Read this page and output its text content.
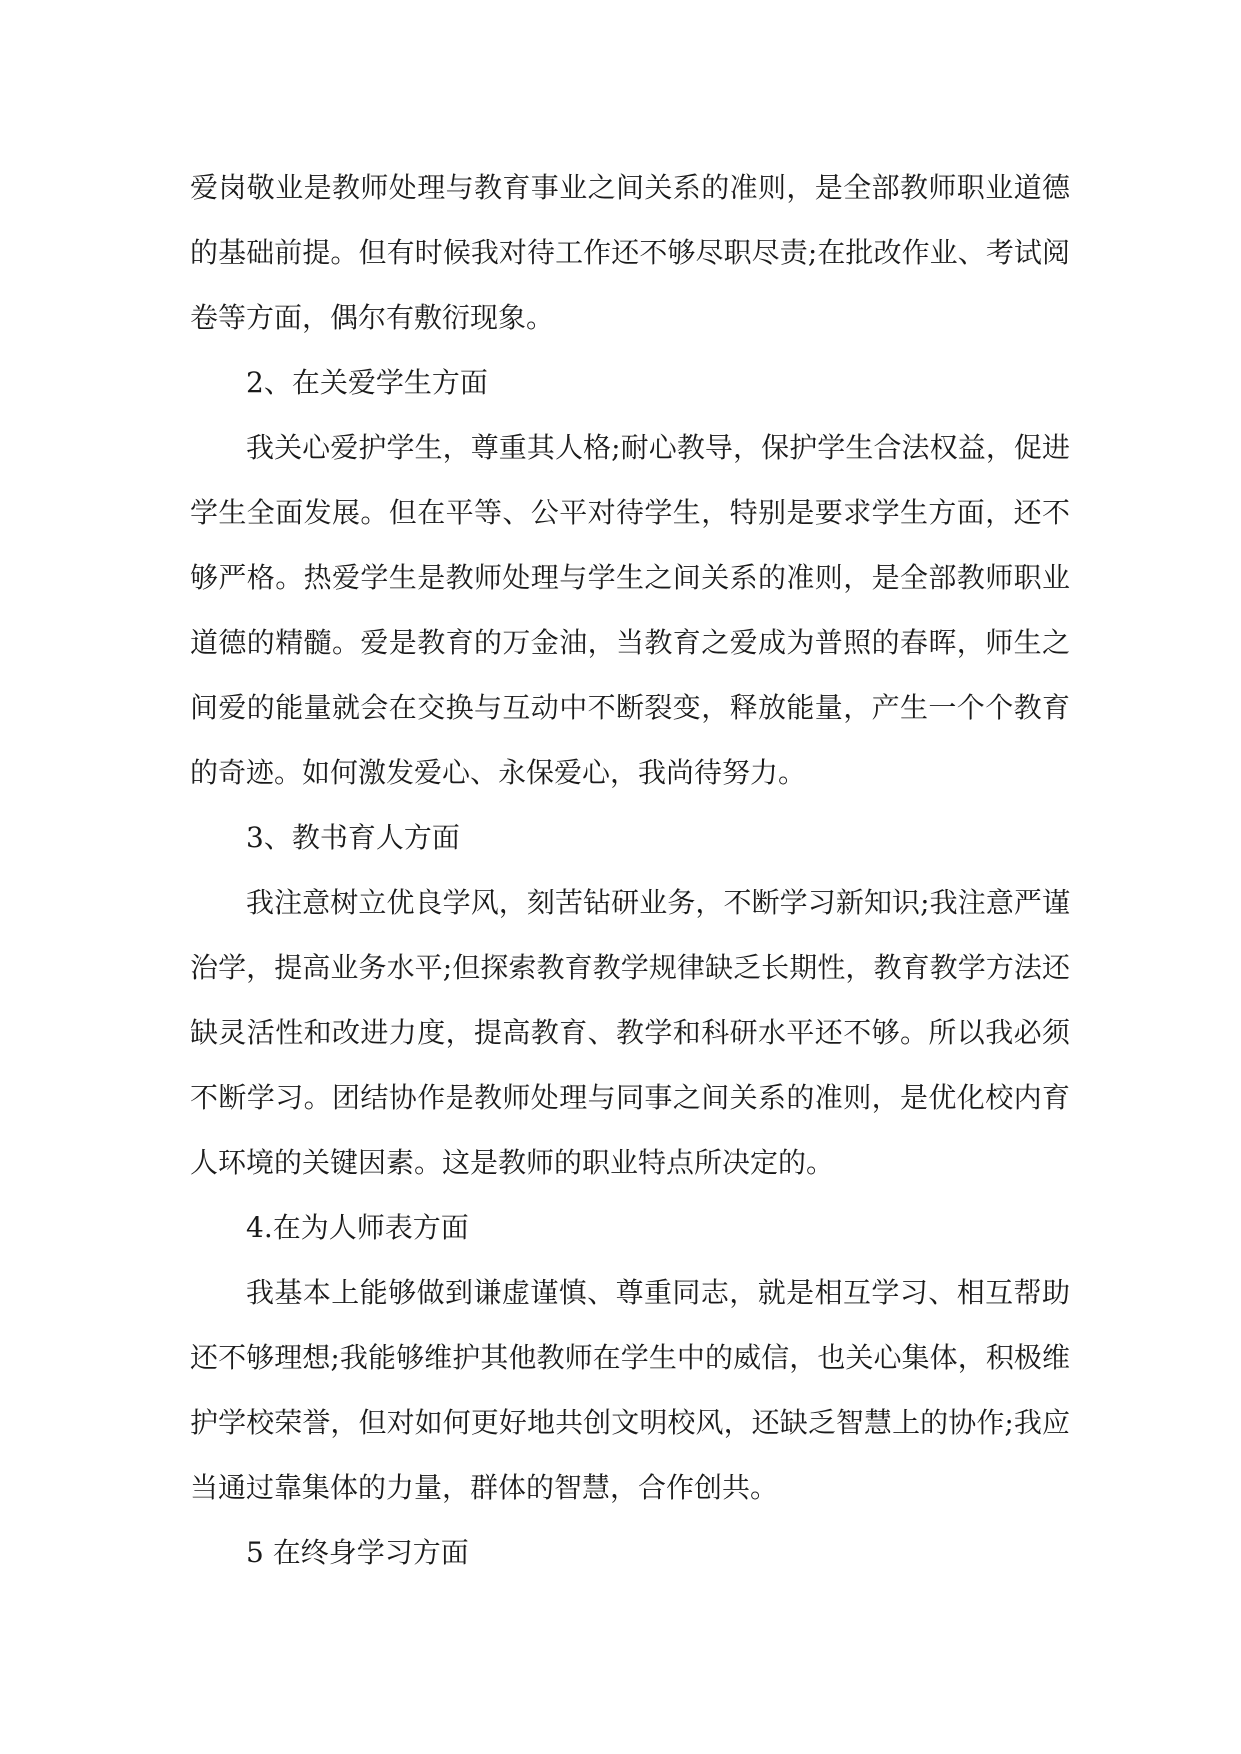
爱岗敬业是教师处理与教育事业之间关系的准则，是全部教师职业道德的基础前提。但有时候我对待工作还不够尽职尽责;在批改作业、考试阅卷等方面，偶尔有敷衍现象。

2、在关爱学生方面

我关心爱护学生，尊重其人格;耐心教导，保护学生合法权益，促进学生全面发展。但在平等、公平对待学生，特别是要求学生方面，还不够严格。热爱学生是教师处理与学生之间关系的准则，是全部教师职业道德的精髓。爱是教育的万金油，当教育之爱成为普照的春晖，师生之间爱的能量就会在交换与互动中不断裂变，释放能量，产生一个个教育的奇迹。如何激发爱心、永保爱心，我尚待努力。

3、教书育人方面

我注意树立优良学风，刻苦钻研业务，不断学习新知识;我注意严谨治学，提高业务水平;但探索教育教学规律缺乏长期性，教育教学方法还缺灵活性和改进力度，提高教育、教学和科研水平还不够。所以我必须不断学习。团结协作是教师处理与同事之间关系的准则，是优化校内育人环境的关键因素。这是教师的职业特点所决定的。

4.在为人师表方面

我基本上能够做到谦虚谨慎、尊重同志，就是相互学习、相互帮助还不够理想;我能够维护其他教师在学生中的威信，也关心集体，积极维护学校荣誉，但对如何更好地共创文明校风，还缺乏智慧上的协作;我应当通过靠集体的力量，群体的智慧，合作创共。

5 在终身学习方面
